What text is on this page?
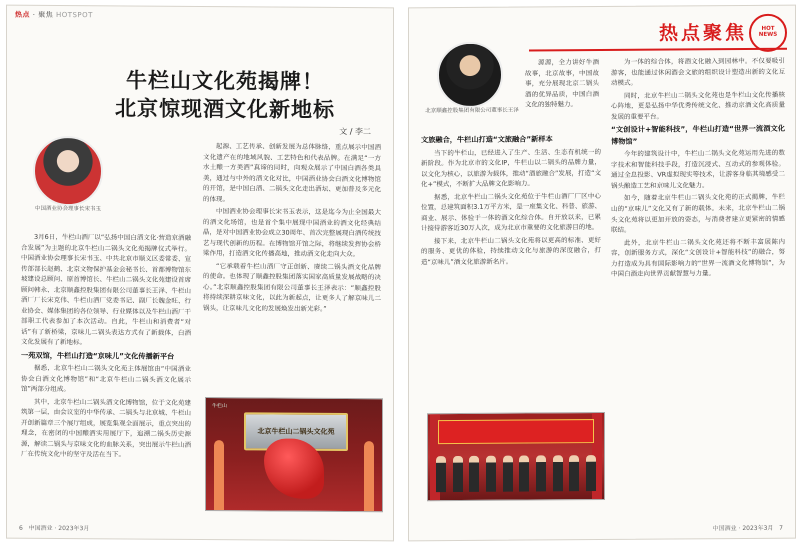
热点 · 聚焦 HOTSPOT
牛栏山文化苑揭牌！
北京惊现酒文化新地标
文 / 李二
中国酒业协会理事长宋书玉

3月6日，牛栏山酒厂以“弘扬中国白酒文化·营造京酒融合发展”为主题的北京牛栏山二锅头文化苑揭牌仪式举行。中国酒业协会理事长宋书玉、中共北京市顺义区委常委、宣传部部长赵鹤、北京文物保护基金会秘书长、首都博物馆东坡建设总顾问、原首博馆长、牛栏山二锅头文化苑建设首席顾问韩永、北京顺鑫控股集团有限公司董事长王泽、牛栏山酒厂厂长宋克伟、牛栏山酒厂党委书记、副厂长魏金旺、行业协会、媒体集团的各位领导、行业媒体以及牛栏山酒厂干部职工代表参加了本次活动。自此，牛栏山和消费者“对话”有了新桥梁，京味儿二锅头表达方式有了新载体，白酒文化发展有了新地标。

一苑双馆，牛栏山打造“京味儿”文化传播新平台

据悉，北京牛栏山二锅头文化苑主体展馆由“中国酒业协会白酒文化博物馆”和“北京牛栏山二锅头酒文化展示馆”两部分组成。

其中，北京牛栏山二锅头酒文化博物馆，位于文化苑建筑第一层，由会议室的中华传承、二锅头与北京城、牛栏山开创新篇章三个展厅组成，展览集观全面展示，重点突出的理念，在密闭的中国酿酒实用展厅下，追溯二锅头历史源源，解读二锅头与京味文化的血脉关系，突出展示牛栏山酒厂在传统文化中的坚守及活在当下。

起源、工艺传承、创新发展为总体脉络，重点展示中国酒文化遗产在的地域风貌、工艺特色和代表品牌。在满足“一方水土酿一方美酒”真谛的同时，向观众展示了中国白酒各类具美，通过与中外的酒文化对比，中国酒业协会白酒文化博物馆的开馆，是中国白酒、二锅头文化走出酒坛、更加普及多元化的体现。

中国酒业协会理事长宋书玉表示，这是迄今为止全国最大的酒文化场馆，也是首个集中展现中国酒业的酒文化经典结晶，是对中国酒业协会成立30周年、首次完整展现白酒传统技艺与现代创新的历程。在博物馆开馆之际，将继续发挥协会桥梁作用，打造酒文化传播高地，推动酒文化走向大众。

“它承载着牛栏山酒厂守正创新、赓续二锅头酒文化品牌的使命。也体现了顺鑫控股集团落实国家高质量发展战略的决心。”北京顺鑫控股集团有限公司董事长王泽表示：“顺鑫控股将持续深耕京味文化，以此为新起点，让更多人了解京味儿二锅头，让京味儿文化的发展焕发出新光彩。”

牛栏山
北京牛栏山二锅头文化苑
6 中国酒业 · 2023年3月
热点聚焦	HOT
NEWS
北京顺鑫控股集团有限公司董事长王泽

源源，全力讲好牛酒故事，北京故事，中国故事，充分展现北京二锅头酒的优异品质，中国白酒文化的独特魅力。

文旅融合，牛栏山打造“文旅融合”新样本

当下的牛栏山，已经进入了生产、生活、生态有机统一的新阶段。作为北京市的文化IP，牛栏山以二锅头的品牌力量，以文化为核心，以旅游为载体，推动“酒旅融合”发展，打造“文化+”模式，不断扩大品牌文化影响力。

据悉，北京牛栏山二锅头文化苑位于牛栏山酒厂厂区中心位置，总建筑面积3.1万平方米，是一座集文化、科普、旅游、商业、展示、体验于一体的酒文化综合体。自开放以来，已累计接待游客近30万人次，成为北京市重要的文化旅游目的地。

接下来，北京牛栏山二锅头文化苑将以更高的标准、更好的服务、更优的体验，持续推动文化与旅游的深度融合，打造“京味儿”酒文化旅游新名片。

为一体的综合体，将酒文化融入到园林中。不仅要吸引游客，也能通过休闲酒会文旅的组织设计塑造出新的文化互动模式。

同时，北京牛栏山二锅头文化苑也是牛栏山文化传播核心阵地，更是弘扬中华优秀传统文化、推动京酒文化高质量发展的重要平台。

“文创设计+智能科技”，牛栏山打造“世界一流酒文化博物馆”

今年的建筑设计中，牛栏山二锅头文化苑运用先进的数字技术和智能科技手段，打造沉浸式、互动式的参观体验。通过全息投影、VR虚拟现实等技术，让游客身临其境感受二锅头酿造工艺和京味儿文化魅力。

如今，随着北京牛栏山二锅头文化苑的正式揭牌，牛栏山的“京味儿”文化又有了新的载体。未来，北京牛栏山二锅头文化苑将以更加开放的姿态，与消费者建立更紧密的情感联结。

此外，北京牛栏山二锅头文化苑还将不断丰富展陈内容，创新服务方式，深化“文创设计+智能科技”的融合，努力打造成为具有国际影响力的“世界一流酒文化博物馆”，为中国白酒走向世界贡献智慧与力量。

中国酒业 · 2023年3月 7
